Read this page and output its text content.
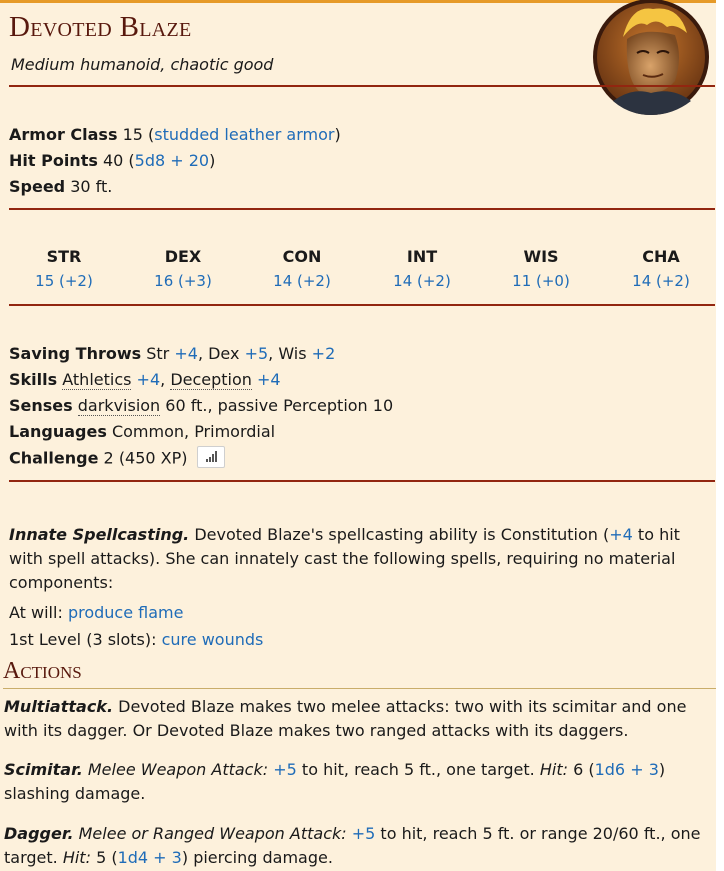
Devoted Blaze
Medium humanoid, chaotic good
Armor Class 15 (studded leather armor)
Hit Points 40 (5d8 + 20)
Speed 30 ft.
STR
15 (+2)
DEX
16 (+3)
CON
14 (+2)
INT
14 (+2)
WIS
11 (+0)
CHA
14 (+2)
Saving Throws Str +4, Dex +5, Wis +2
Skills Athletics +4, Deception +4
Senses darkvision 60 ft., passive Perception 10
Languages Common, Primordial
Challenge 2 (450 XP)
Innate Spellcasting. Devoted Blaze's spellcasting ability is Constitution (+4 to hit with spell attacks). She can innately cast the following spells, requiring no material components:
At will: produce flame
1st Level (3 slots): cure wounds
Actions
Multiattack. Devoted Blaze makes two melee attacks: two with its scimitar and one with its dagger. Or Devoted Blaze makes two ranged attacks with its daggers.
Scimitar. Melee Weapon Attack: +5 to hit, reach 5 ft., one target. Hit: 6 (1d6 + 3) slashing damage.
Dagger. Melee or Ranged Weapon Attack: +5 to hit, reach 5 ft. or range 20/60 ft., one target. Hit: 5 (1d4 + 3) piercing damage.
